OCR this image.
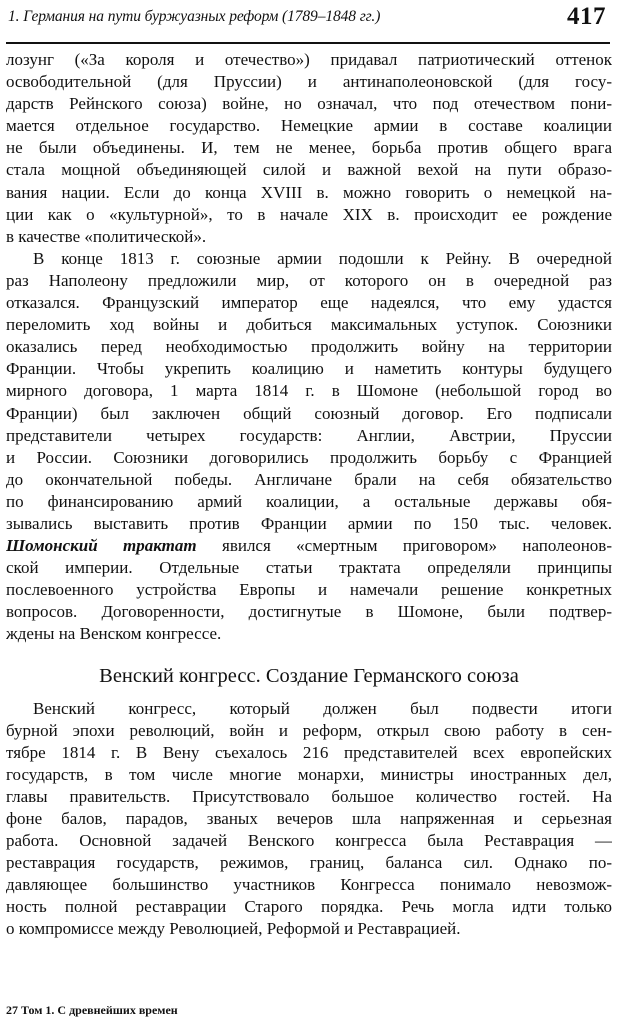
1. Германия на пути буржуазных реформ (1789–1848 гг.)	417
лозунг («За короля и отечество») придавал патриотический оттенок
освободительной (для Пруссии) и антинаполеоновской (для госу-
дарств Рейнского союза) войне, но означал, что под отечеством пони-
мается отдельное государство. Немецкие армии в составе коалиции
не были объединены. И, тем не менее, борьба против общего врага
стала мощной объединяющей силой и важной вехой на пути образо-
вания нации. Если до конца XVIII в. можно говорить о немецкой на-
ции как о «культурной», то в начале XIX в. происходит ее рождение
в качестве «политической».
В конце 1813 г. союзные армии подошли к Рейну. В очередной
раз Наполеону предложили мир, от которого он в очередной раз
отказался. Французский император еще надеялся, что ему удастся
переломить ход войны и добиться максимальных уступок. Союзники
оказались перед необходимостью продолжить войну на территории
Франции. Чтобы укрепить коалицию и наметить контуры будущего
мирного договора, 1 марта 1814 г. в Шомоне (небольшой город во
Франции) был заключен общий союзный договор. Его подписали
представители четырех государств: Англии, Австрии, Пруссии
и России. Союзники договорились продолжить борьбу с Францией
до окончательной победы. Англичане брали на себя обязательство
по финансированию армий коалиции, а остальные державы обя-
зывались выставить против Франции армии по 150 тыс. человек.
Шомонский трактат явился «смертным приговором» наполеонов-
ской империи. Отдельные статьи трактата определяли принципы
послевоенного устройства Европы и намечали решение конкретных
вопросов. Договоренности, достигнутые в Шомоне, были подтвер-
ждены на Венском конгрессе.
Венский конгресс. Создание Германского союза
Венский конгресс, который должен был подвести итоги
бурной эпохи революций, войн и реформ, открыл свою работу в сен-
тябре 1814 г. В Вену съехалось 216 представителей всех европейских
государств, в том числе многие монархи, министры иностранных дел,
главы правительств. Присутствовало большое количество гостей. На
фоне балов, парадов, званых вечеров шла напряженная и серьезная
работа. Основной задачей Венского конгресса была Реставрация —
реставрация государств, режимов, границ, баланса сил. Однако по-
давляющее большинство участников Конгресса понимало невозмож-
ность полной реставрации Старого порядка. Речь могла идти только
о компромиссе между Революцией, Реформой и Реставрацией.
27 Том 1. С древнейших времен
